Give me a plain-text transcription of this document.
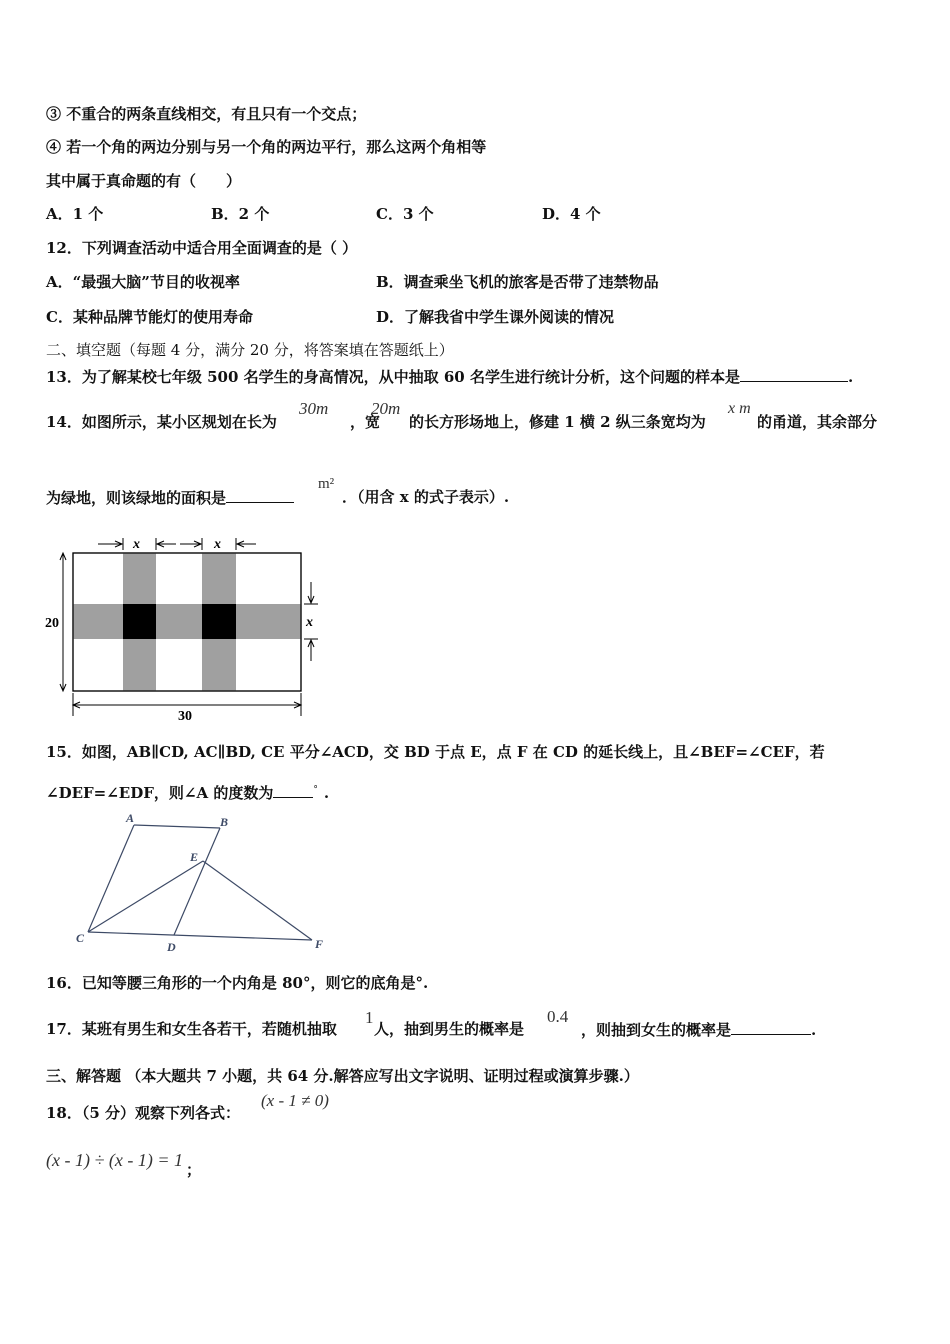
③ 不重合的两条直线相交，有且只有一个交点；
④ 若一个角的两边分别与另一个角的两边平行，那么这两个角相等
其中属于真命题的有（　　）
A．1 个	B．2 个	C．3 个	D．4 个
12．下列调查活动中适合用全面调查的是（ ）
A．“最强大脑”节目的收视率	B．调查乘坐飞机的旅客是否带了违禁物品
C．某种品牌节能灯的使用寿命	D．了解我省中学生课外阅读的情况
二、填空题（每题 4 分，满分 20 分，将答案填在答题纸上）
13．为了解某校七年级 500 名学生的身高情况，从中抽取 60 名学生进行统计分析，这个问题的样本是	.
14．如图所示，某小区规划在长为
30m
，宽
20m
的长方形场地上，修建 1 横 2 纵三条宽均为
x m
的甬道，其余部分
为绿地，则该绿地的面积是
m²
．（用含 x 的式子表示）.
x	x
x
20
30
15．如图，AB∥CD, AC∥BD, CE 平分∠ACD，交 BD 于点 E，点 F 在 CD 的延长线上，且∠BEF=∠CEF，若
∠DEF=∠EDF，则∠A 的度数为	° .
A	B
C
D
E
F
16．已知等腰三角形的一个内角是 80°，则它的底角是°.
17．某班有男生和女生各若干，若随机抽取
1
人，抽到男生的概率是
0.4
，则抽到女生的概率是	.
三、解答题 （本大题共 7 小题，共 64 分.解答应写出文字说明、证明过程或演算步骤.）
18．（5 分）观察下列各式：
(x - 1 ≠ 0)
(x - 1) ÷ (x - 1) = 1 ；
